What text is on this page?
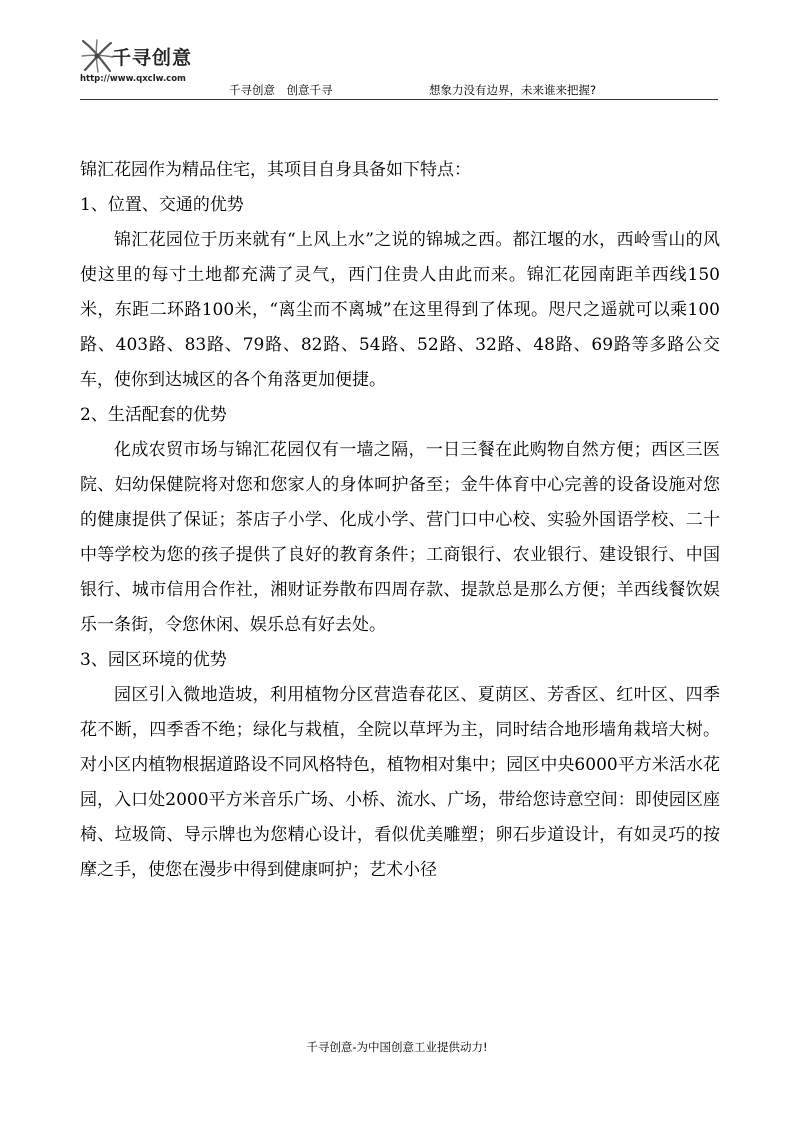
千寻创意
http://www.qxclw.com
千寻创意　创意千寻	想象力没有边界，未来谁来把握?

锦汇花园作为精品住宅，其项目自身具备如下特点：

1、位置、交通的优势

锦汇花园位于历来就有“上风上水”之说的锦城之西。都江堰的水，西岭雪山的风使这里的每寸土地都充满了灵气，西门住贵人由此而来。锦汇花园南距羊西线150米，东距二环路100米，“离尘而不离城”在这里得到了体现。咫尺之遥就可以乘100路、403路、83路、79路、82路、54路、52路、32路、48路、69路等多路公交车，使你到达城区的各个角落更加便捷。

2、生活配套的优势

化成农贸市场与锦汇花园仅有一墙之隔，一日三餐在此购物自然方便；西区三医院、妇幼保健院将对您和您家人的身体呵护备至；金牛体育中心完善的设备设施对您的健康提供了保证；茶店子小学、化成小学、营门口中心校、实验外国语学校、二十中等学校为您的孩子提供了良好的教育条件；工商银行、农业银行、建设银行、中国银行、城市信用合作社，湘财证券散布四周存款、提款总是那么方便；羊西线餐饮娱乐一条街，令您休闲、娱乐总有好去处。

3、园区环境的优势

园区引入微地造坡，利用植物分区营造春花区、夏荫区、芳香区、红叶区、四季花不断，四季香不绝；绿化与栽植，全院以草坪为主，同时结合地形墙角栽培大树。对小区内植物根据道路设不同风格特色，植物相对集中；园区中央6000平方米活水花园，入口处2000平方米音乐广场、小桥、流水、广场，带给您诗意空间：即使园区座椅、垃圾筒、导示牌也为您精心设计，看似优美雕塑；卵石步道设计，有如灵巧的按摩之手，使您在漫步中得到健康呵护；艺术小径

千寻创意-为中国创意工业提供动力!
